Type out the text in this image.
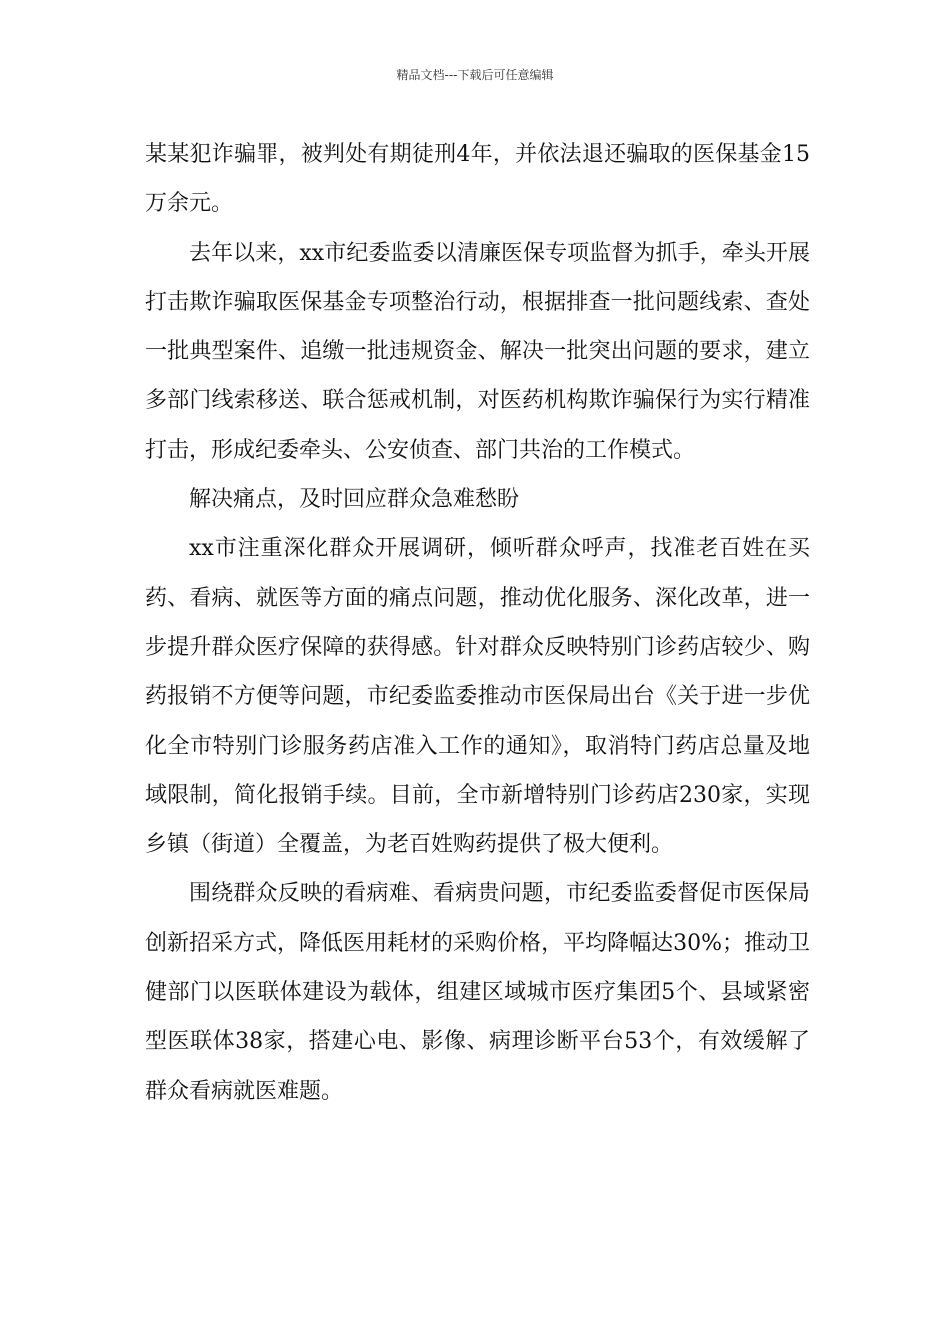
精品文档---下载后可任意编辑

某某犯诈骗罪，被判处有期徒刑4年，并依法退还骗取的医保基金15万余元。

去年以来，xx市纪委监委以清廉医保专项监督为抓手，牵头开展打击欺诈骗取医保基金专项整治行动，根据排查一批问题线索、查处一批典型案件、追缴一批违规资金、解决一批突出问题的要求，建立多部门线索移送、联合惩戒机制，对医药机构欺诈骗保行为实行精准打击，形成纪委牵头、公安侦查、部门共治的工作模式。

解决痛点，及时回应群众急难愁盼

xx市注重深化群众开展调研，倾听群众呼声，找准老百姓在买药、看病、就医等方面的痛点问题，推动优化服务、深化改革，进一步提升群众医疗保障的获得感。针对群众反映特别门诊药店较少、购药报销不方便等问题，市纪委监委推动市医保局出台《关于进一步优化全市特别门诊服务药店准入工作的通知》，取消特门药店总量及地域限制，简化报销手续。目前，全市新增特别门诊药店230家，实现乡镇（街道）全覆盖，为老百姓购药提供了极大便利。

围绕群众反映的看病难、看病贵问题，市纪委监委督促市医保局创新招采方式，降低医用耗材的采购价格，平均降幅达30%；推动卫健部门以医联体建设为载体，组建区域城市医疗集团5个、县域紧密型医联体38家，搭建心电、影像、病理诊断平台53个，有效缓解了群众看病就医难题。
